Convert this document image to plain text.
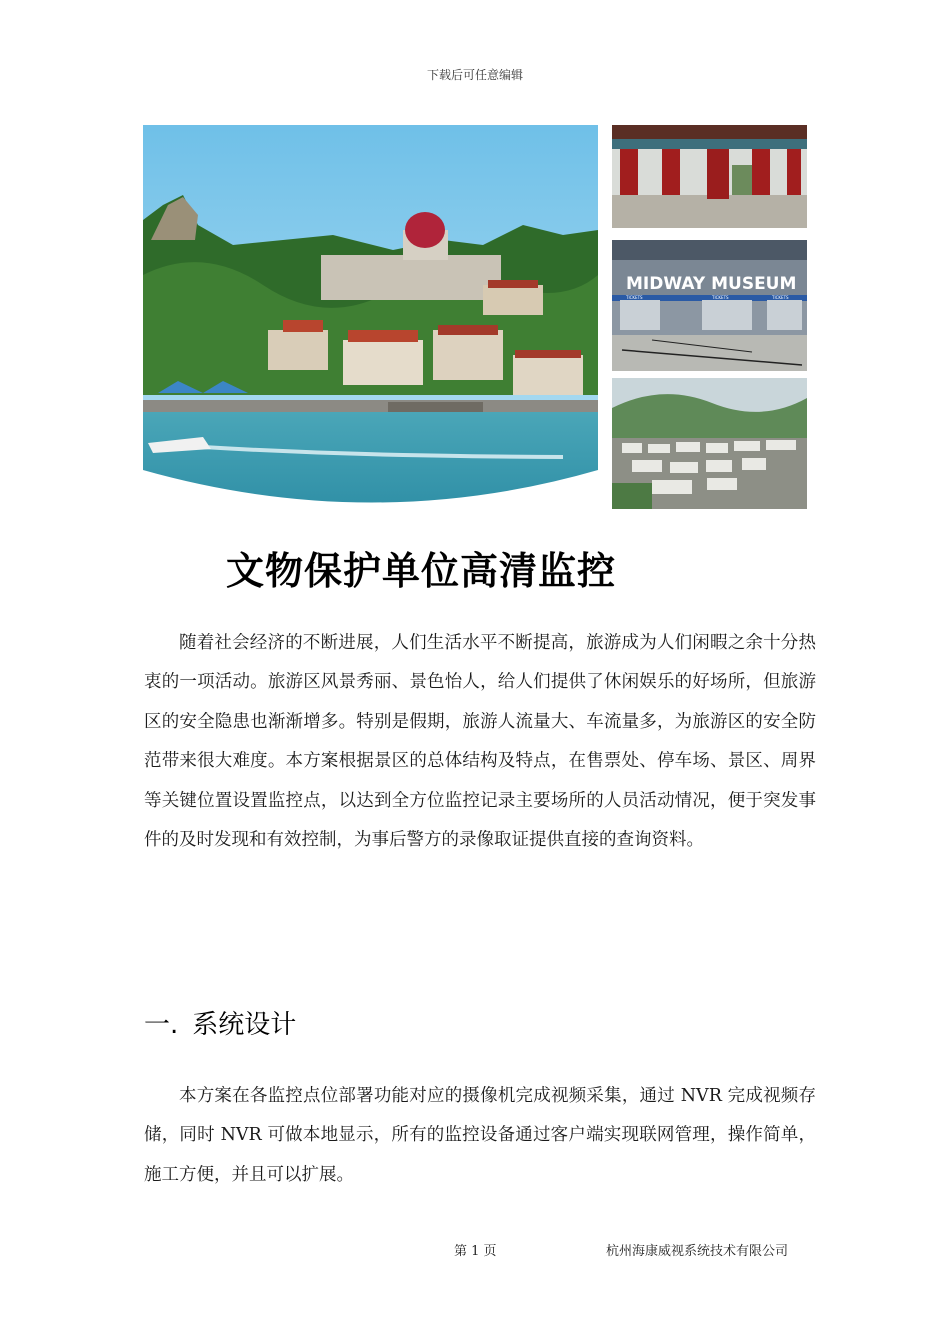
下载后可任意编辑
MIDWAY MUSEUM
TICKETS	TICKETS	TICKETS
文物保护单位高清监控
随着社会经济的不断进展，人们生活水平不断提高，旅游成为人们闲暇之余十分热衷的一项活动。旅游区风景秀丽、景色怡人，给人们提供了休闲娱乐的好场所，但旅游区的安全隐患也渐渐增多。特别是假期，旅游人流量大、车流量多，为旅游区的安全防范带来很大难度。本方案根据景区的总体结构及特点，在售票处、停车场、景区、周界等关键位置设置监控点，以达到全方位监控记录主要场所的人员活动情况，便于突发事件的及时发现和有效控制，为事后警方的录像取证提供直接的查询资料。
一. 系统设计
本方案在各监控点位部署功能对应的摄像机完成视频采集，通过 NVR 完成视频存储，同时 NVR 可做本地显示，所有的监控设备通过客户端实现联网管理，操作简单，施工方便，并且可以扩展。
第 1 页	杭州海康威视系统技术有限公司
